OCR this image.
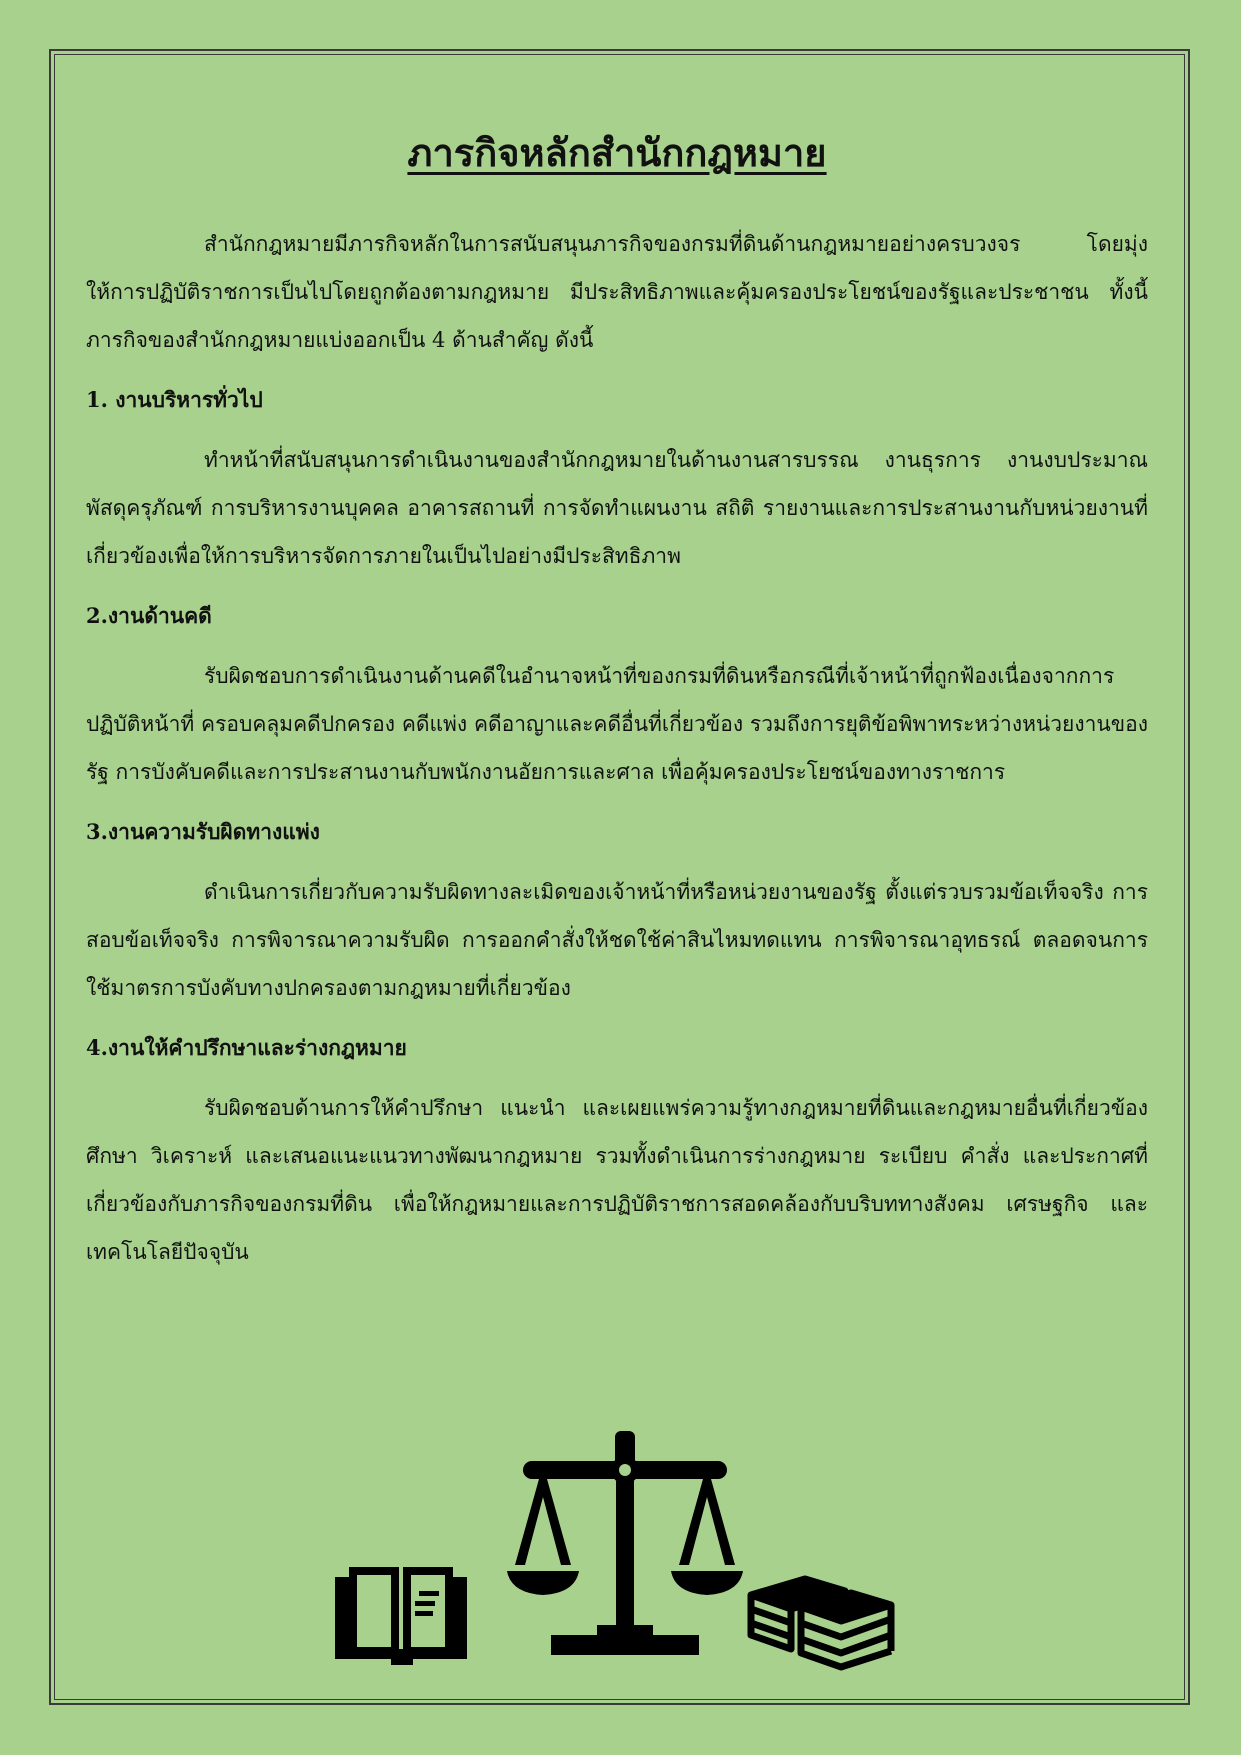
ภารกิจหลักสำนักกฎหมาย

สำนักกฎหมายมีภารกิจหลักในการสนับสนุนภารกิจของกรมที่ดินด้านกฎหมายอย่างครบวงจร โดยมุ่งให้การปฏิบัติราชการเป็นไปโดยถูกต้องตามกฎหมาย มีประสิทธิภาพและคุ้มครองประโยชน์ของรัฐและประชาชน ทั้งนี้ ภารกิจของสำนักกฎหมายแบ่งออกเป็น 4 ด้านสำคัญ ดังนี้

1. งานบริหารทั่วไป

ทำหน้าที่สนับสนุนการดำเนินงานของสำนักกฎหมายในด้านงานสารบรรณ งานธุรการ งานงบประมาณ พัสดุครุภัณฑ์ การบริหารงานบุคคล อาคารสถานที่ การจัดทำแผนงาน สถิติ รายงานและการประสานงานกับหน่วยงานที่เกี่ยวข้องเพื่อให้การบริหารจัดการภายในเป็นไปอย่างมีประสิทธิภาพ

2.งานด้านคดี

รับผิดชอบการดำเนินงานด้านคดีในอำนาจหน้าที่ของกรมที่ดินหรือกรณีที่เจ้าหน้าที่ถูกฟ้องเนื่องจากการปฏิบัติหน้าที่ ครอบคลุมคดีปกครอง คดีแพ่ง คดีอาญาและคดีอื่นที่เกี่ยวข้อง รวมถึงการยุติข้อพิพาทระหว่างหน่วยงานของรัฐ การบังคับคดีและการประสานงานกับพนักงานอัยการและศาล เพื่อคุ้มครองประโยชน์ของทางราชการ

3.งานความรับผิดทางแพ่ง

ดำเนินการเกี่ยวกับความรับผิดทางละเมิดของเจ้าหน้าที่หรือหน่วยงานของรัฐ ตั้งแต่รวบรวมข้อเท็จจริง การสอบข้อเท็จจริง การพิจารณาความรับผิด การออกคำสั่งให้ชดใช้ค่าสินไหมทดแทน การพิจารณาอุทธรณ์ ตลอดจนการใช้มาตรการบังคับทางปกครองตามกฎหมายที่เกี่ยวข้อง

4.งานให้คำปรึกษาและร่างกฎหมาย

รับผิดชอบด้านการให้คำปรึกษา แนะนำ และเผยแพร่ความรู้ทางกฎหมายที่ดินและกฎหมายอื่นที่เกี่ยวข้อง ศึกษา วิเคราะห์ และเสนอแนะแนวทางพัฒนากฎหมาย รวมทั้งดำเนินการร่างกฎหมาย ระเบียบ คำสั่ง และประกาศที่เกี่ยวข้องกับภารกิจของกรมที่ดิน เพื่อให้กฎหมายและการปฏิบัติราชการสอดคล้องกับบริบททางสังคม เศรษฐกิจ และเทคโนโลยีปัจจุบัน
